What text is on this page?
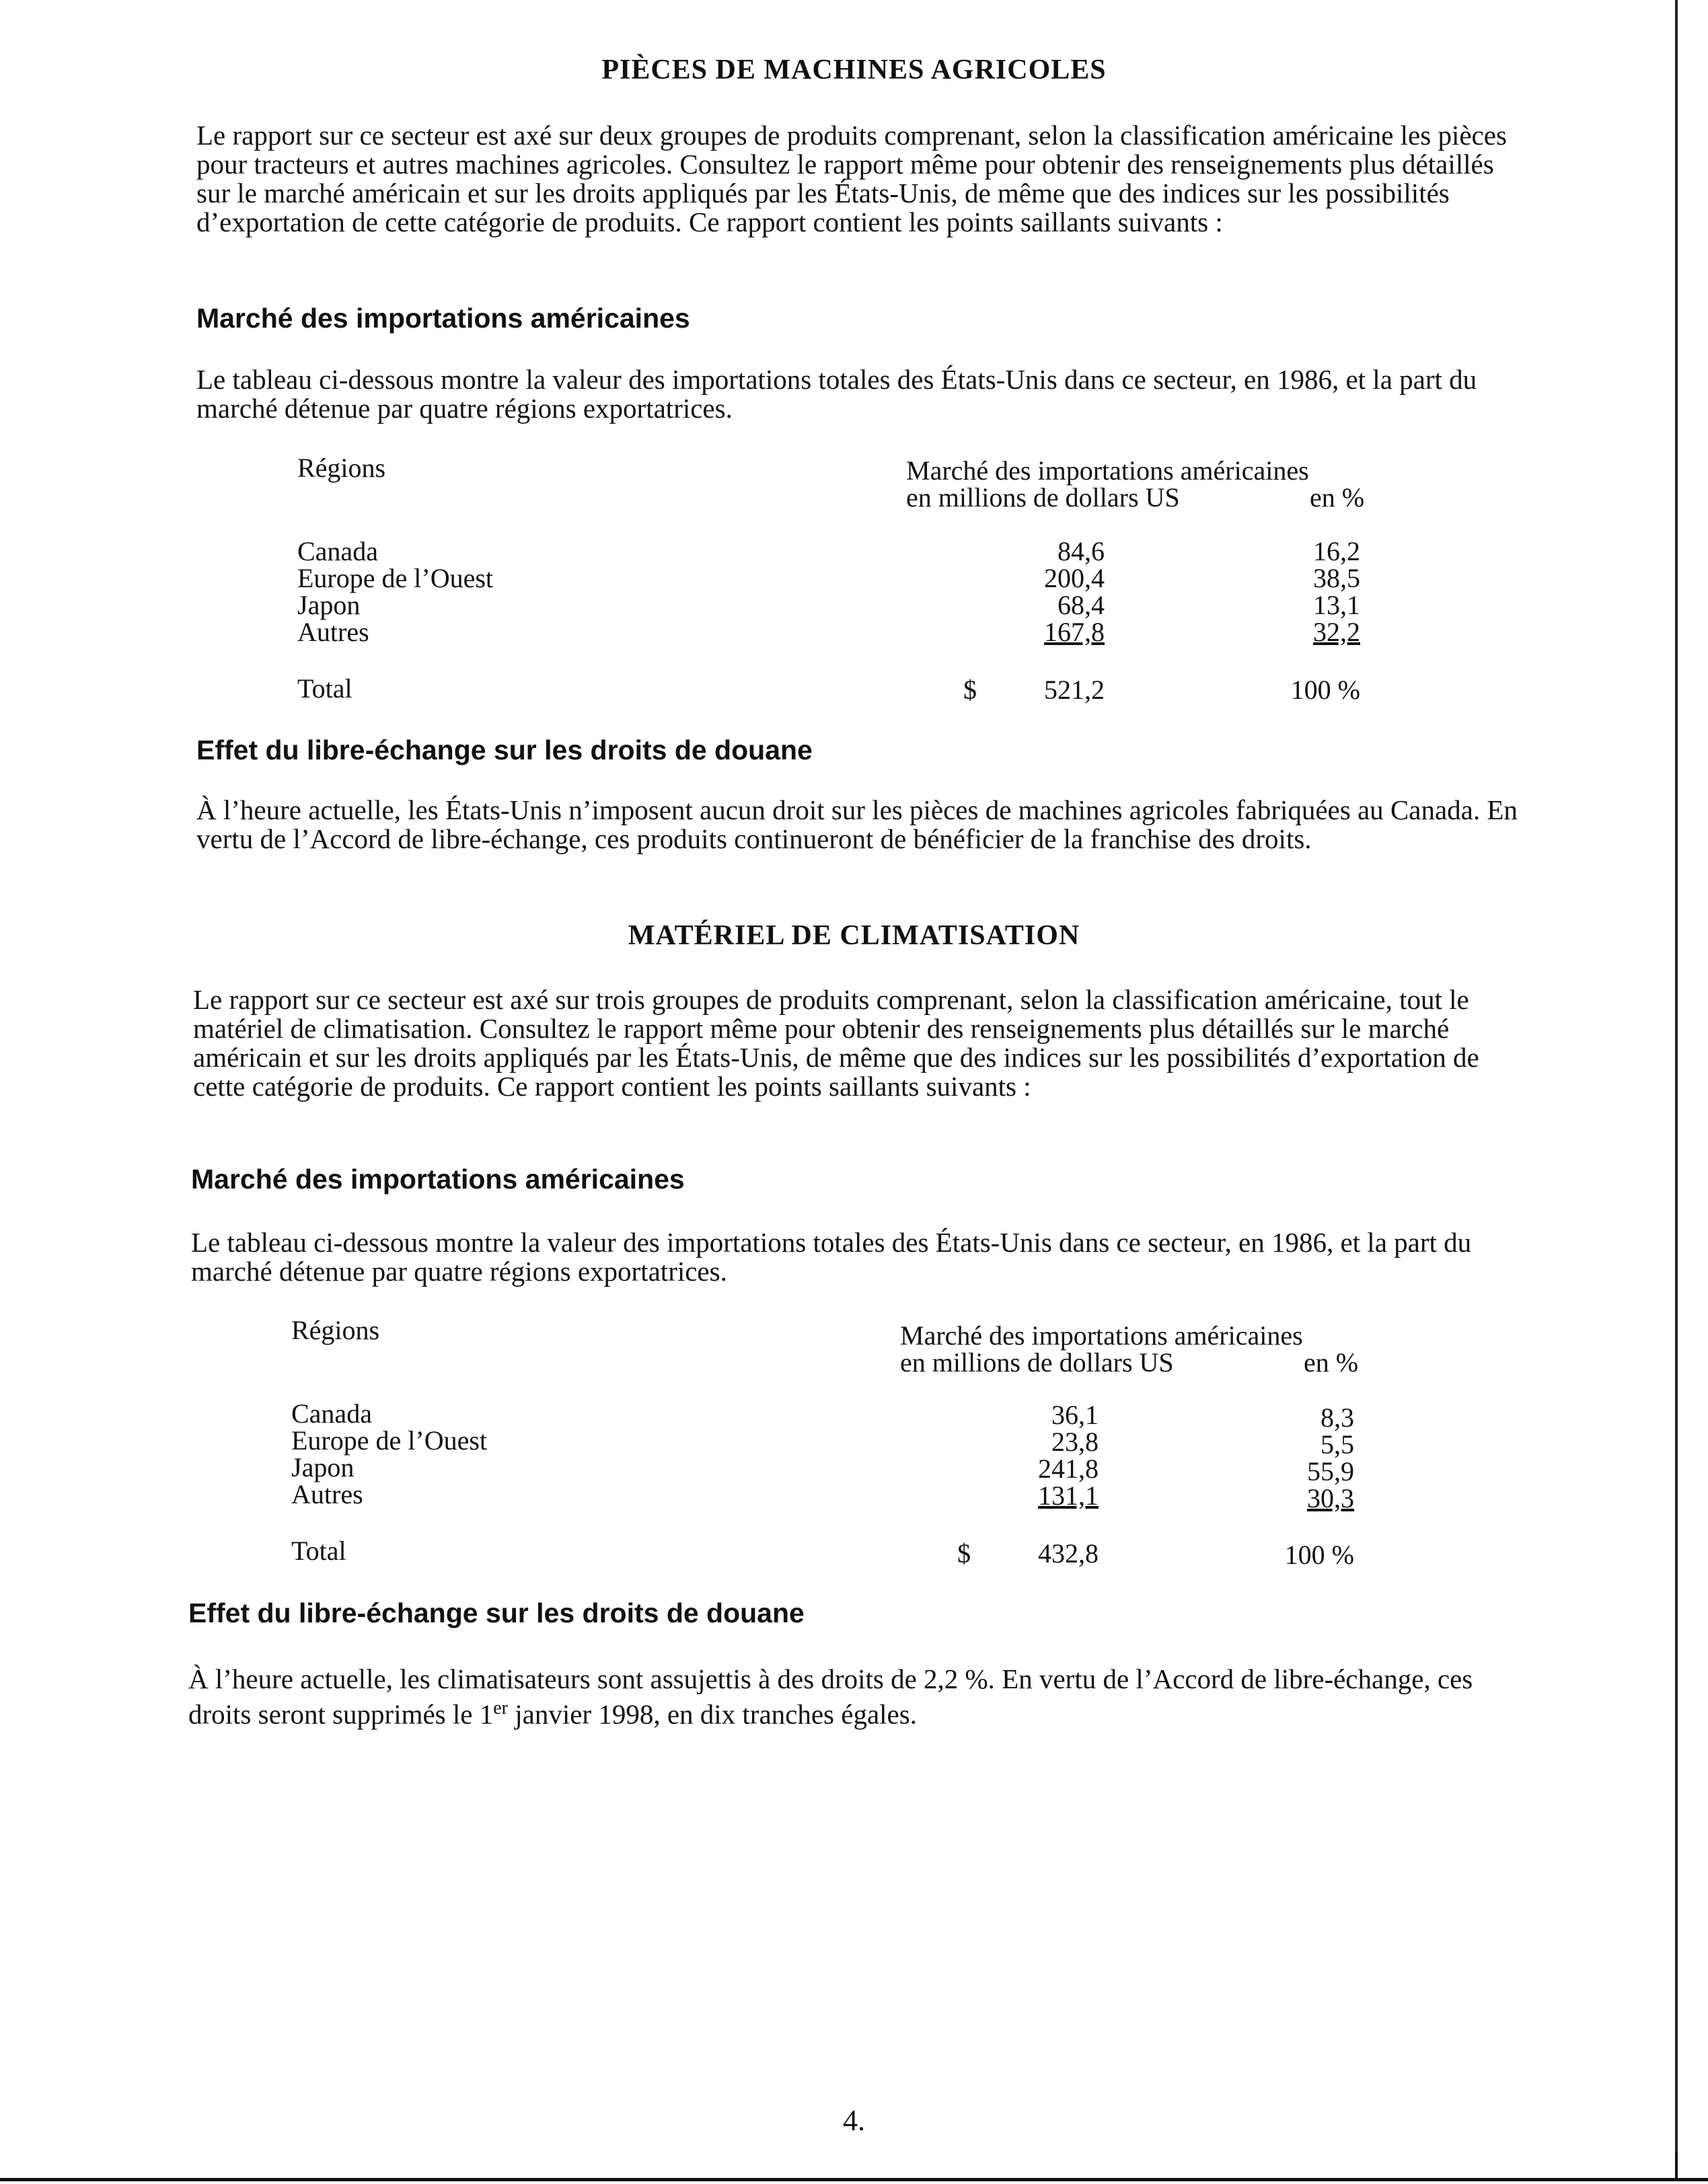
PIÈCES DE MACHINES AGRICOLES
Le rapport sur ce secteur est axé sur deux groupes de produits comprenant, selon la classification américaine les pièces pour tracteurs et autres machines agricoles. Consultez le rapport même pour obtenir des renseignements plus détaillés sur le marché américain et sur les droits appliqués par les États-Unis, de même que des indices sur les possibilités d’exportation de cette catégorie de produits. Ce rapport contient les points saillants suivants :
Marché des importations américaines
Le tableau ci-dessous montre la valeur des importations totales des États-Unis dans ce secteur, en 1986, et la part du marché détenue par quatre régions exportatrices.
Régions	Marché des importations américaines
en millions de dollars US	en %
Canada	84,6	16,2
Europe de l’Ouest	200,4	38,5
Japon	68,4	13,1
Autres	167,8	32,2
Total	$	521,2	100 %
Effet du libre-échange sur les droits de douane
À l’heure actuelle, les États-Unis n’imposent aucun droit sur les pièces de machines agricoles fabriquées au Canada. En vertu de l’Accord de libre-échange, ces produits continueront de bénéficier de la franchise des droits.
MATÉRIEL DE CLIMATISATION
Le rapport sur ce secteur est axé sur trois groupes de produits comprenant, selon la classification américaine, tout le matériel de climatisation. Consultez le rapport même pour obtenir des renseignements plus détaillés sur le marché américain et sur les droits appliqués par les États-Unis, de même que des indices sur les possibilités d’exportation de cette catégorie de produits. Ce rapport contient les points saillants suivants :
Marché des importations américaines
Le tableau ci-dessous montre la valeur des importations totales des États-Unis dans ce secteur, en 1986, et la part du marché détenue par quatre régions exportatrices.
Régions	Marché des importations américaines
en millions de dollars US	en %
Canada	36,1	8,3
Europe de l’Ouest	23,8	5,5
Japon	241,8	55,9
Autres	131,1	30,3
Total	$	432,8	100 %
Effet du libre-échange sur les droits de douane
À l’heure actuelle, les climatisateurs sont assujettis à des droits de 2,2 %. En vertu de l’Accord de libre-échange, ces droits seront supprimés le 1er janvier 1998, en dix tranches égales.
4.
